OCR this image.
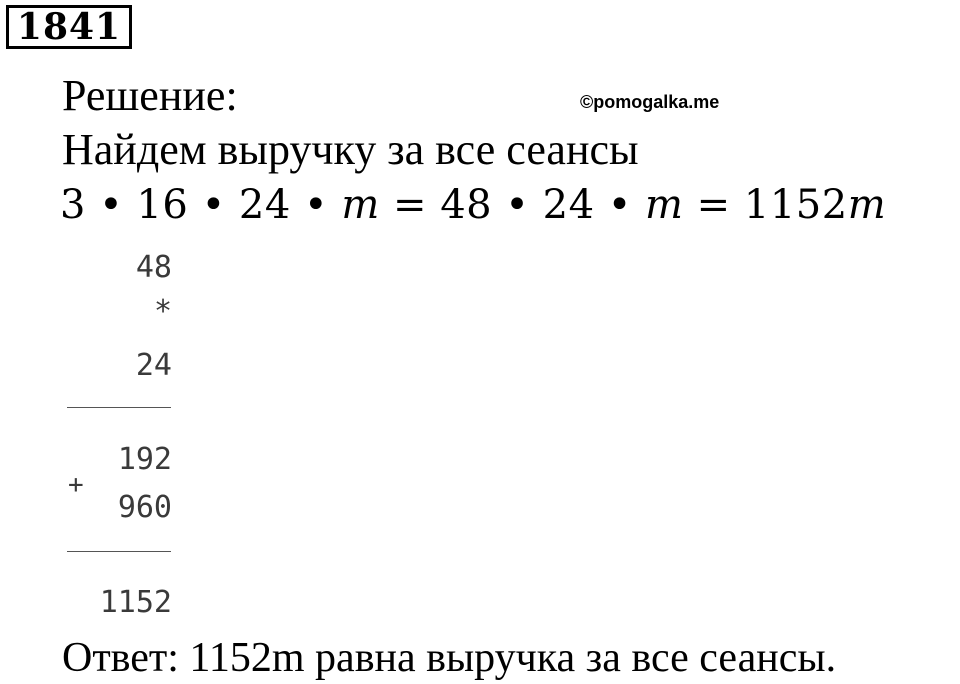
1841
Решение:	©pomogalka.me
Найдем выручку за все сеансы
3 • 16 • 24 • 𝑚 = 48 • 24 • 𝑚 = 1152𝑚
48
*
24
192
+
960
1152
Ответ: 1152m равна выручка за все сеансы.
